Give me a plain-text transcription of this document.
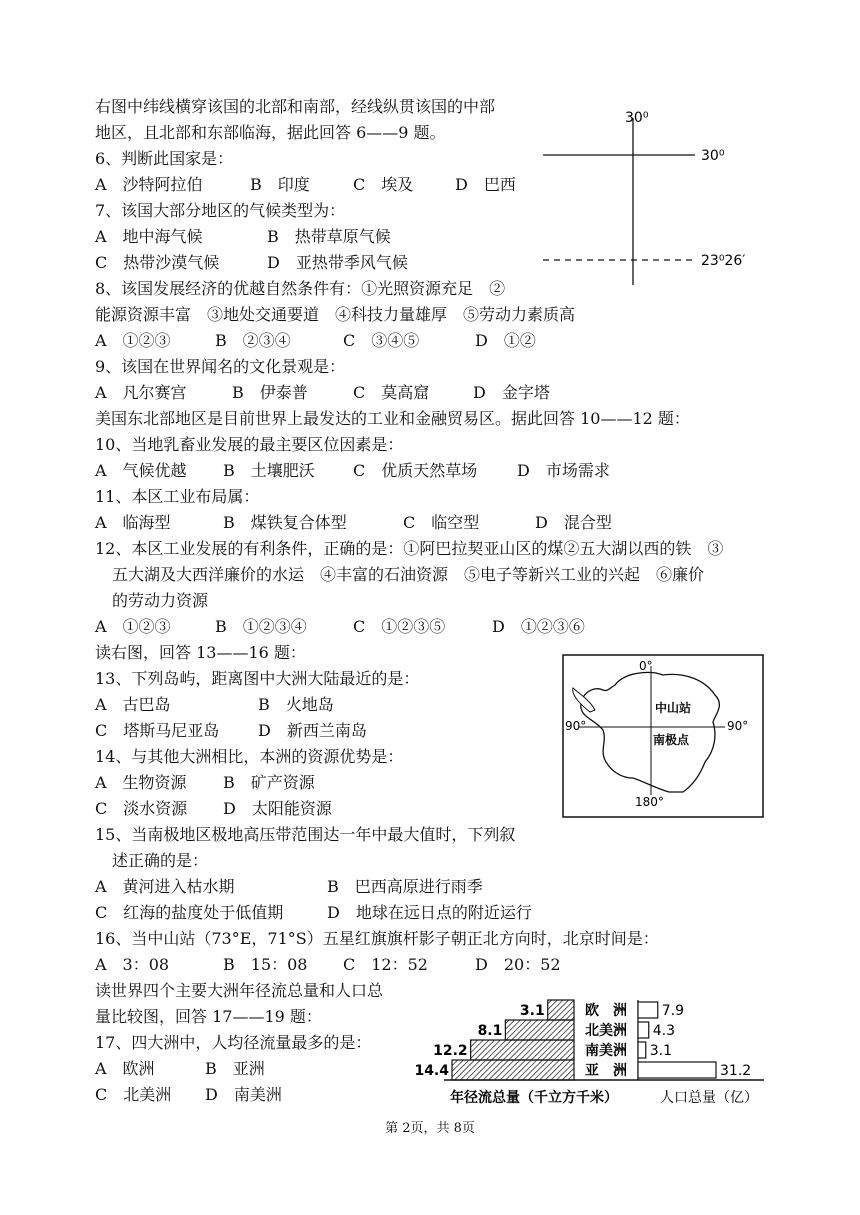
右图中纬线横穿该国的北部和南部，经线纵贯该国的中部
地区，且北部和东部临海，据此回答 6——9 题。
6、判断此国家是：
A　沙特阿拉伯	B　印度	C　埃及	D　巴西
7、该国大部分地区的气候类型为：
A　地中海气候	B　热带草原气候
C　热带沙漠气候	D　亚热带季风气候
30⁰
30⁰
23⁰26′
8、该国发展经济的优越自然条件有：①光照资源充足　②
能源资源丰富　③地处交通要道　④科技力量雄厚　⑤劳动力素质高
A　①②③	B　②③④	C　③④⑤	D　①②
9、该国在世界闻名的文化景观是：
A　凡尔赛宫	B　伊泰普	C　莫高窟	D　金字塔
美国东北部地区是目前世界上最发达的工业和金融贸易区。据此回答 10——12 题：
10、当地乳畜业发展的最主要区位因素是：
A　气候优越 B　土壤肥沃 C　优质天然草场 D　市场需求
11、本区工业布局属：
A　临海型	B　煤铁复合体型	C　临空型	D　混合型
12、本区工业发展的有利条件，正确的是：①阿巴拉契亚山区的煤②五大湖以西的铁　③
五大湖及大西洋廉价的水运　④丰富的石油资源　⑤电子等新兴工业的兴起　⑥廉价
的劳动力资源
A　①②③	B　①②③④	C　①②③⑤	D　①②③⑥
读右图，回答 13——16 题：
13、下列岛屿，距离图中大洲大陆最近的是：
A　古巴岛	B　火地岛
C　塔斯马尼亚岛 D　新西兰南岛
0°
90°	90°
180°
中山站
南极点
14、与其他大洲相比，本洲的资源优势是：
A　生物资源 B　矿产资源
C　淡水资源 D　太阳能资源
15、当南极地区极地高压带范围达一年中最大值时，下列叙
述正确的是：
A　黄河进入枯水期	B　巴西高原进行雨季
C　红海的盐度处于低值期	D　地球在远日点的附近运行
16、当中山站（73°E，71°S）五星红旗旗杆影子朝正北方向时，北京时间是：
A　3：08	B　15：08 C　12：52	D　20：52
读世界四个主要大洲年径流总量和人口总
量比较图，回答 17——19 题：
17、四大洲中，人均径流量最多的是：
A　欧洲	B　亚洲
C　北美洲 D　南美洲
3.1	欧　洲 7.9
8.1	北美洲 4.3
12.2	南美洲 3.1
14.4	亚　洲	31.2
年径流总量（千立方千米）	人口总量（亿）
第 2页，共 8页
